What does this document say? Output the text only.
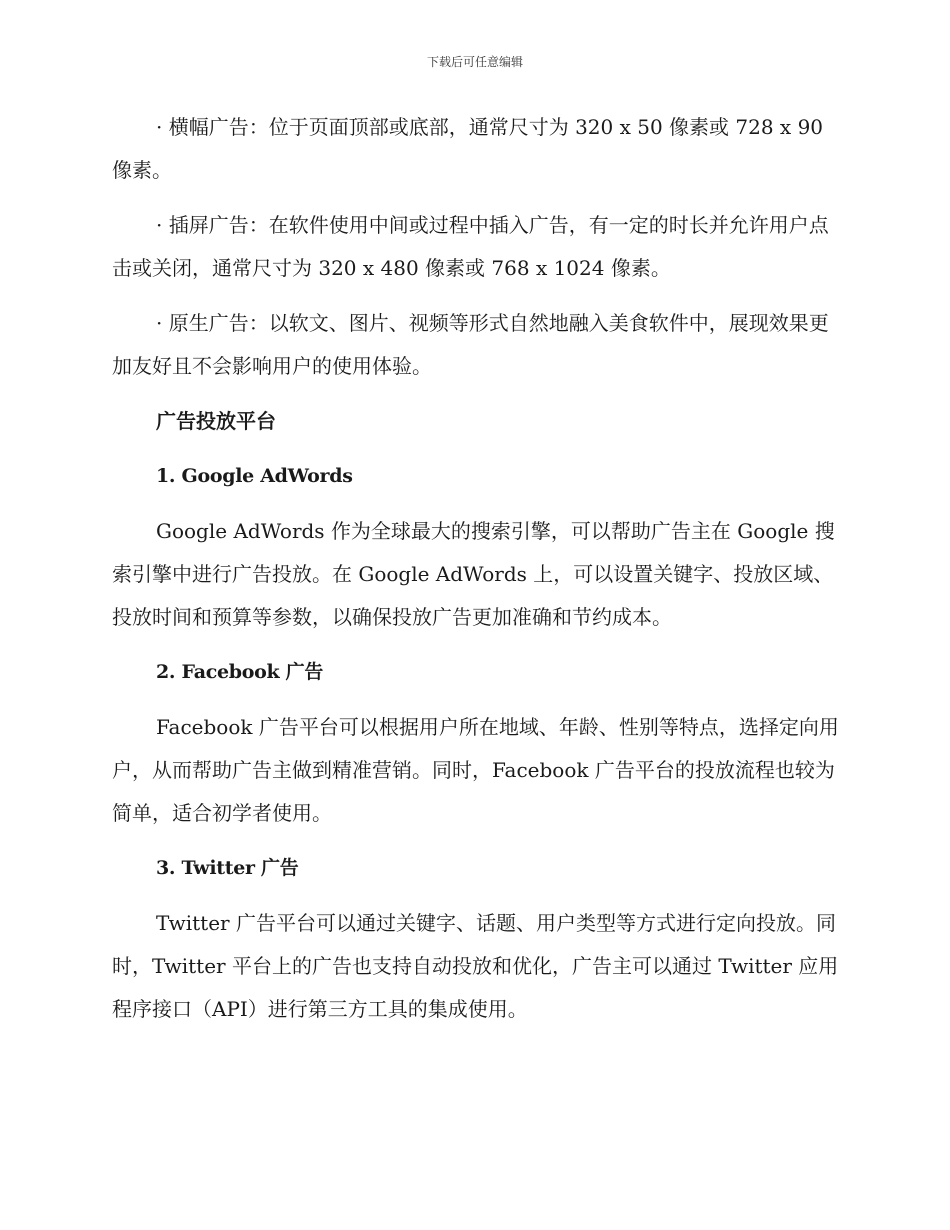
下载后可任意编辑

· 横幅广告：位于页面顶部或底部，通常尺寸为 320 x 50 像素或 728 x 90 像素。

· 插屏广告：在软件使用中间或过程中插入广告，有一定的时长并允许用户点击或关闭，通常尺寸为 320 x 480 像素或 768 x 1024 像素。

· 原生广告：以软文、图片、视频等形式自然地融入美食软件中，展现效果更加友好且不会影响用户的使用体验。

广告投放平台

1. Google AdWords

Google AdWords 作为全球最大的搜索引擎，可以帮助广告主在 Google 搜索引擎中进行广告投放。在 Google AdWords 上，可以设置关键字、投放区域、投放时间和预算等参数，以确保投放广告更加准确和节约成本。

2. Facebook 广告

Facebook 广告平台可以根据用户所在地域、年龄、性别等特点，选择定向用户，从而帮助广告主做到精准营销。同时，Facebook 广告平台的投放流程也较为简单，适合初学者使用。

3. Twitter 广告

Twitter 广告平台可以通过关键字、话题、用户类型等方式进行定向投放。同时，Twitter 平台上的广告也支持自动投放和优化，广告主可以通过 Twitter 应用程序接口（API）进行第三方工具的集成使用。
